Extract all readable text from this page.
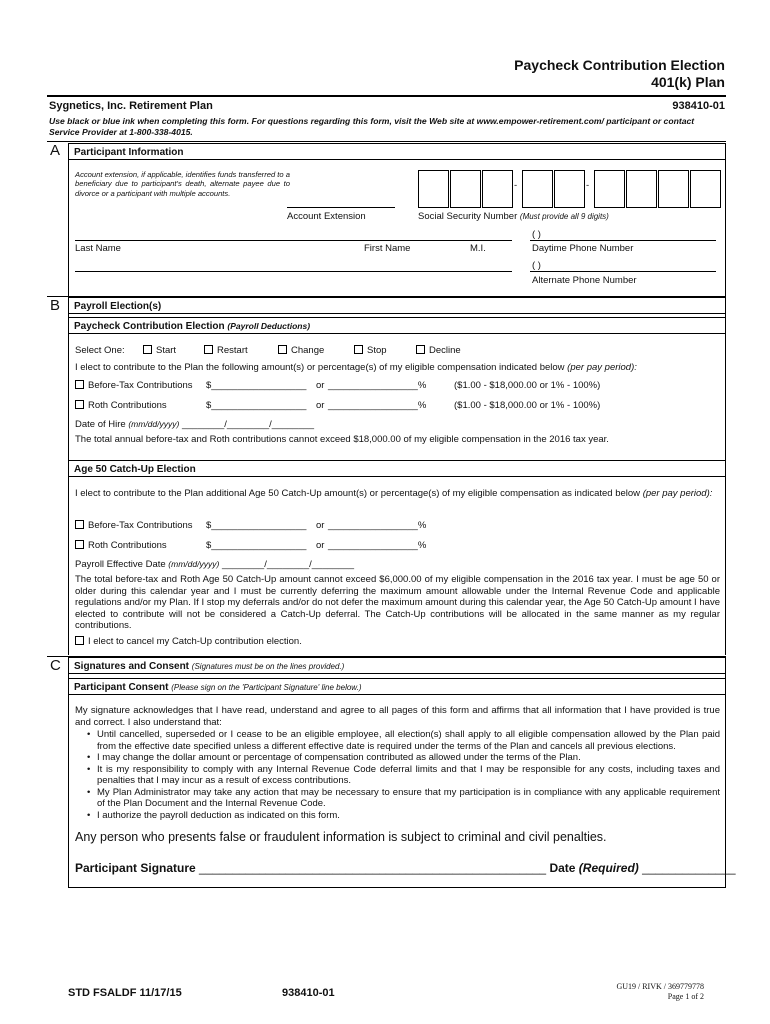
Paycheck Contribution Election
401(k) Plan
Sygnetics, Inc. Retirement Plan	938410-01
Use black or blue ink when completing this form. For questions regarding this form, visit the Web site at www.empower-retirement.com/ participant or contact Service Provider at 1-800-338-4015.
A	Participant Information
Account extension, if applicable, identifies funds transferred to a beneficiary due to participant's death, alternate payee due to divorce or a participant with multiple accounts.
Account Extension
-	-
Social Security Number (Must provide all 9 digits)
( )
Last Name	First Name	M.I.	Daytime Phone Number
( )
Alternate Phone Number
B	Payroll Election(s)
Paycheck Contribution Election (Payroll Deductions)
Select One:	Start	Restart	Change	Stop	Decline
I elect to contribute to the Plan the following amount(s) or percentage(s) of my eligible compensation indicated below (per pay period):
Before-Tax Contributions $__________________ or _________________%	($1.00 - $18,000.00 or 1% - 100%)
Roth Contributions	$__________________ or _________________%	($1.00 - $18,000.00 or 1% - 100%)
Date of Hire (mm/dd/yyyy) ________/________/________
The total annual before-tax and Roth contributions cannot exceed $18,000.00 of my eligible compensation in the 2016 tax year.
Age 50 Catch-Up Election
I elect to contribute to the Plan additional Age 50 Catch-Up amount(s) or percentage(s) of my eligible compensation as indicated below (per pay period):
Before-Tax Contributions $__________________ or _________________%
Roth Contributions	$__________________ or _________________%
Payroll Effective Date (mm/dd/yyyy) ________/________/________
The total before-tax and Roth Age 50 Catch-Up amount cannot exceed $6,000.00 of my eligible compensation in the 2016 tax year. I must be age 50 or older during this calendar year and I must be currently deferring the maximum amount allowable under the Internal Revenue Code and applicable regulations and/or my Plan. If I stop my deferrals and/or do not defer the maximum amount during this calendar year, the Age 50 Catch-Up amount I have elected to contribute will not be considered a Catch-Up deferral. The Catch-Up contributions will be allocated in the same manner as my regular contributions.
I elect to cancel my Catch-Up contribution election.
C	Signatures and Consent (Signatures must be on the lines provided.)
Participant Consent (Please sign on the 'Participant Signature' line below.)
My signature acknowledges that I have read, understand and agree to all pages of this form and affirms that all information that I have provided is true and correct. I also understand that:
• Until cancelled, superseded or I cease to be an eligible employee, all election(s) shall apply to all eligible compensation allowed by the Plan paid from the effective date specified unless a different effective date is required under the terms of the Plan and cancels all previous elections.
• I may change the dollar amount or percentage of compensation contributed as allowed under the terms of the Plan.
• It is my responsibility to comply with any Internal Revenue Code deferral limits and that I may be responsible for any costs, including taxes and penalties that I may incur as a result of excess contributions.
• My Plan Administrator may take any action that may be necessary to ensure that my participation is in compliance with any applicable requirement of the Plan Document and the Internal Revenue Code.
• I authorize the payroll deduction as indicated on this form.
Any person who presents false or fraudulent information is subject to criminal and civil penalties.
Participant Signature ____________________________________________________ Date (Required) ______________
STD FSALDF 11/17/15	938410-01
GU19 / RIVK / 369779778
Page 1 of 2
